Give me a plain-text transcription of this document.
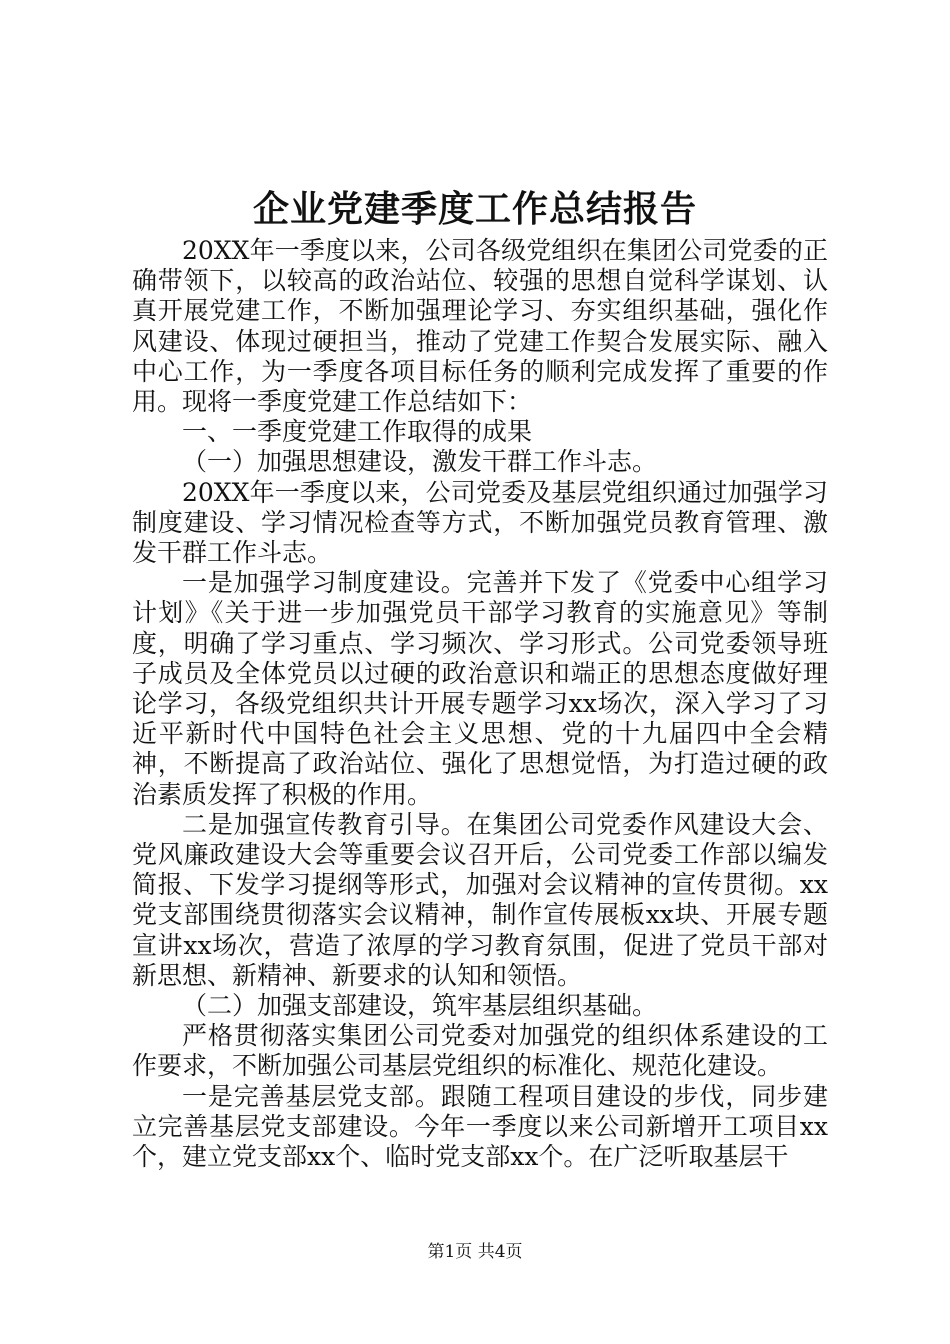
企业党建季度工作总结报告

20XX年一季度以来，公司各级党组织在集团公司党委的正确带领下，以较高的政治站位、较强的思想自觉科学谋划、认真开展党建工作，不断加强理论学习、夯实组织基础，强化作风建设、体现过硬担当，推动了党建工作契合发展实际、融入中心工作，为一季度各项目标任务的顺利完成发挥了重要的作用。现将一季度党建工作总结如下：

一、一季度党建工作取得的成果

（一）加强思想建设，激发干群工作斗志。

20XX年一季度以来，公司党委及基层党组织通过加强学习制度建设、学习情况检查等方式，不断加强党员教育管理、激发干群工作斗志。

一是加强学习制度建设。完善并下发了《党委中心组学习计划》《关于进一步加强党员干部学习教育的实施意见》等制度，明确了学习重点、学习频次、学习形式。公司党委领导班子成员及全体党员以过硬的政治意识和端正的思想态度做好理论学习，各级党组织共计开展专题学习xx场次，深入学习了习近平新时代中国特色社会主义思想、党的十九届四中全会精神，不断提高了政治站位、强化了思想觉悟，为打造过硬的政治素质发挥了积极的作用。

二是加强宣传教育引导。在集团公司党委作风建设大会、党风廉政建设大会等重要会议召开后，公司党委工作部以编发简报、下发学习提纲等形式，加强对会议精神的宣传贯彻。xx党支部围绕贯彻落实会议精神，制作宣传展板xx块、开展专题宣讲xx场次，营造了浓厚的学习教育氛围，促进了党员干部对新思想、新精神、新要求的认知和领悟。

（二）加强支部建设，筑牢基层组织基础。

严格贯彻落实集团公司党委对加强党的组织体系建设的工作要求，不断加强公司基层党组织的标准化、规范化建设。

一是完善基层党支部。跟随工程项目建设的步伐，同步建立完善基层党支部建设。今年一季度以来公司新增开工项目xx个，建立党支部xx个、临时党支部xx个。在广泛听取基层干

第1页 共4页
